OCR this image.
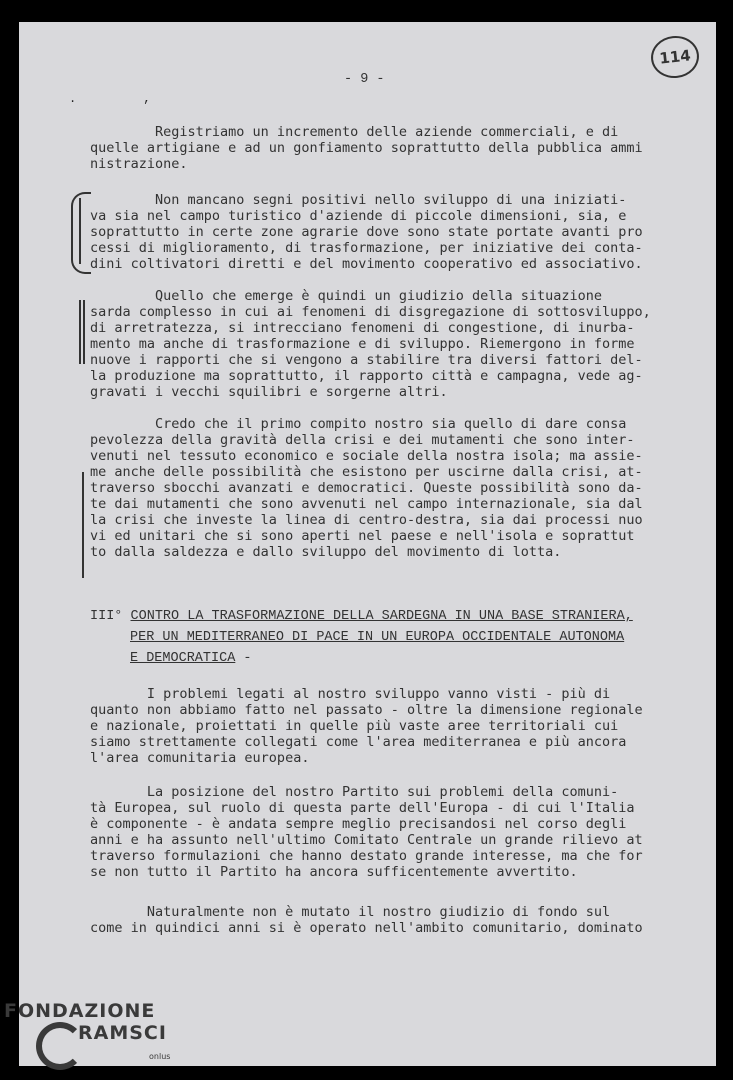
114
- 9 -
. ,
Registriamo un incremento delle aziende commerciali, e di
quelle artigiane e ad un gonfiamento soprattutto della pubblica ammi
nistrazione.
Non mancano segni positivi nello sviluppo di una iniziati-
va sia nel campo turistico d'aziende di piccole dimensioni, sia, e
soprattutto in certe zone agrarie dove sono state portate avanti pro
cessi di miglioramento, di trasformazione, per iniziative dei conta-
dini coltivatori diretti e del movimento cooperativo ed associativo.
Quello che emerge è quindi un giudizio della situazione
sarda complesso in cui ai fenomeni di disgregazione di sottosviluppo,
di arretratezza, si intrecciano fenomeni di congestione, di inurba-
mento ma anche di trasformazione e di sviluppo. Riemergono in forme
nuove i rapporti che si vengono a stabilire tra diversi fattori del-
la produzione ma soprattutto, il rapporto città e campagna, vede ag-
gravati i vecchi squilibri e sorgerne altri.
Credo che il primo compito nostro sia quello di dare consa
pevolezza della gravità della crisi e dei mutamenti che sono inter-
venuti nel tessuto economico e sociale della nostra isola; ma assie-
me anche delle possibilità che esistono per uscirne dalla crisi, at-
traverso sbocchi avanzati e democratici. Queste possibilità sono da-
te dai mutamenti che sono avvenuti nel campo internazionale, sia dal
la crisi che investe la linea di centro-destra, sia dai processi nuo
vi ed unitari che si sono aperti nel paese e nell'isola e soprattut
to dalla saldezza e dallo sviluppo del movimento di lotta.
III° CONTRO LA TRASFORMAZIONE DELLA SARDEGNA IN UNA BASE STRANIERA,
PER UN MEDITERRANEO DI PACE IN UN EUROPA OCCIDENTALE AUTONOMA
E DEMOCRATICA -
I problemi legati al nostro sviluppo vanno visti - più di
quanto non abbiamo fatto nel passato - oltre la dimensione regionale
e nazionale, proiettati in quelle più vaste aree territoriali cui
siamo strettamente collegati come l'area mediterranea e più ancora
l'area comunitaria europea.
La posizione del nostro Partito sui problemi della comuni-
tà Europea, sul ruolo di questa parte dell'Europa - di cui l'Italia
è componente - è andata sempre meglio precisandosi nel corso degli
anni e ha assunto nell'ultimo Comitato Centrale un grande rilievo at
traverso formulazioni che hanno destato grande interesse, ma che for
se non tutto il Partito ha ancora sufficentemente avvertito.
Naturalmente non è mutato il nostro giudizio di fondo sul
come in quindici anni si è operato nell'ambito comunitario, dominato
FONDAZIONE
RAMSCI
onlus
